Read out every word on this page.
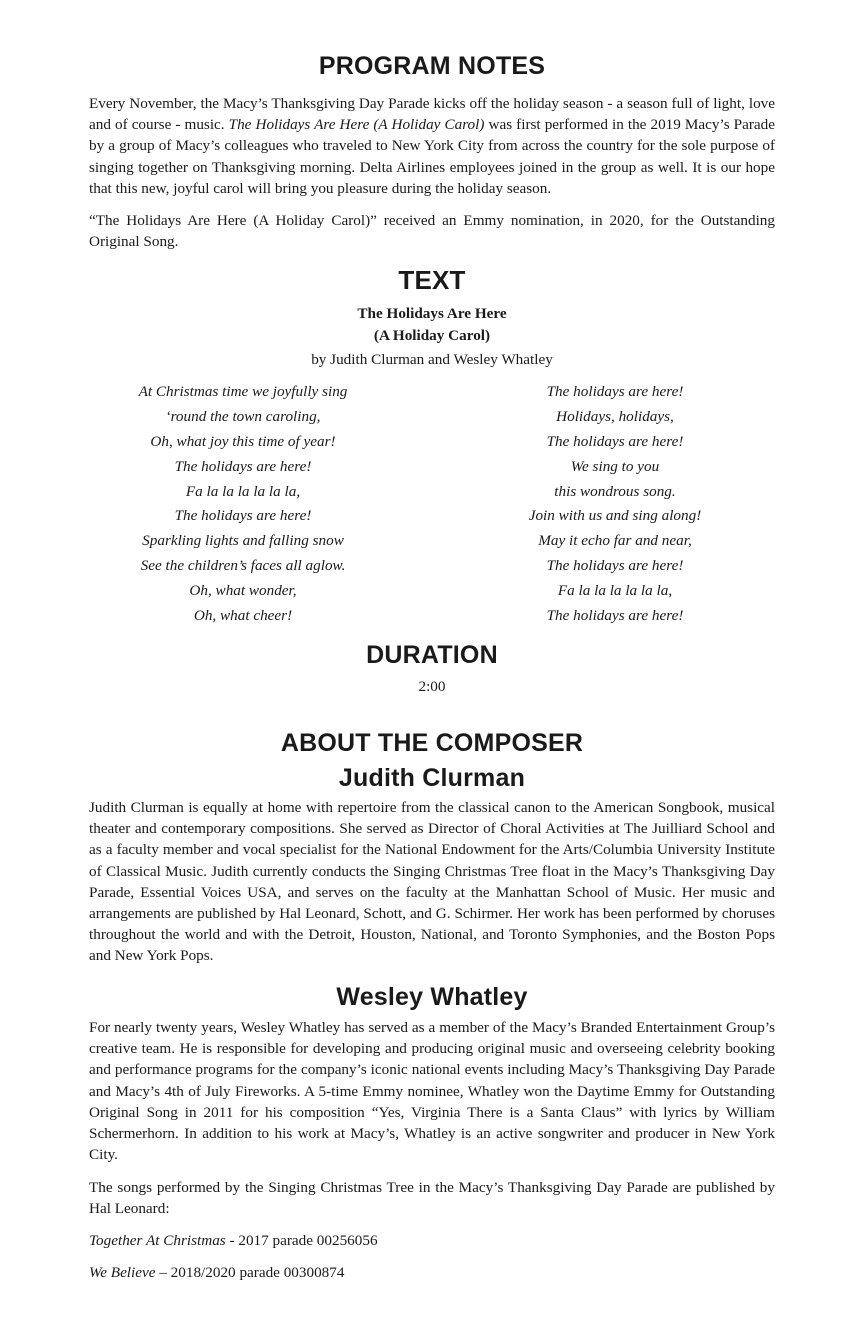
PROGRAM NOTES

Every November, the Macy’s Thanksgiving Day Parade kicks off the holiday season - a season full of light, love and of course - music. The Holidays Are Here (A Holiday Carol) was first performed in the 2019 Macy’s Parade by a group of Macy’s colleagues who traveled to New York City from across the country for the sole purpose of singing together on Thanksgiving morning. Delta Airlines employees joined in the group as well. It is our hope that this new, joyful carol will bring you pleasure during the holiday season.

“The Holidays Are Here (A Holiday Carol)” received an Emmy nomination, in 2020, for the Outstanding Original Song.

TEXT
The Holidays Are Here
(A Holiday Carol)
by Judith Clurman and Wesley Whatley
At Christmas time we joyfully sing
‘round the town caroling,
Oh, what joy this time of year!
The holidays are here!
Fa la la la la la la,
The holidays are here!
Sparkling lights and falling snow
See the children’s faces all aglow.
Oh, what wonder,
Oh, what cheer!
The holidays are here!
Holidays, holidays,
The holidays are here!
We sing to you
this wondrous song.
Join with us and sing along!
May it echo far and near,
The holidays are here!
Fa la la la la la la,
The holidays are here!
DURATION
2:00
ABOUT THE COMPOSER
Judith Clurman

Judith Clurman is equally at home with repertoire from the classical canon to the American Songbook, musical theater and contemporary compositions. She served as Director of Choral Activities at The Juilliard School and as a faculty member and vocal specialist for the National Endowment for the Arts/Columbia University Institute of Classical Music. Judith currently conducts the Singing Christmas Tree float in the Macy’s Thanksgiving Day Parade, Essential Voices USA, and serves on the faculty at the Manhattan School of Music. Her music and arrangements are published by Hal Leonard, Schott, and G. Schirmer. Her work has been performed by choruses throughout the world and with the Detroit, Houston, National, and Toronto Symphonies, and the Boston Pops and New York Pops.

Wesley Whatley

For nearly twenty years, Wesley Whatley has served as a member of the Macy’s Branded Entertainment Group’s creative team. He is responsible for developing and producing original music and overseeing celebrity booking and performance programs for the company’s iconic national events including Macy’s Thanksgiving Day Parade and Macy’s 4th of July Fireworks. A 5-time Emmy nominee, Whatley won the Daytime Emmy for Outstanding Original Song in 2011 for his composition “Yes, Virginia There is a Santa Claus” with lyrics by William Schermerhorn. In addition to his work at Macy’s, Whatley is an active songwriter and producer in New York City.

The songs performed by the Singing Christmas Tree in the Macy’s Thanksgiving Day Parade are published by Hal Leonard:

Together At Christmas - 2017 parade 00256056
We Believe – 2018/2020 parade 00300874
